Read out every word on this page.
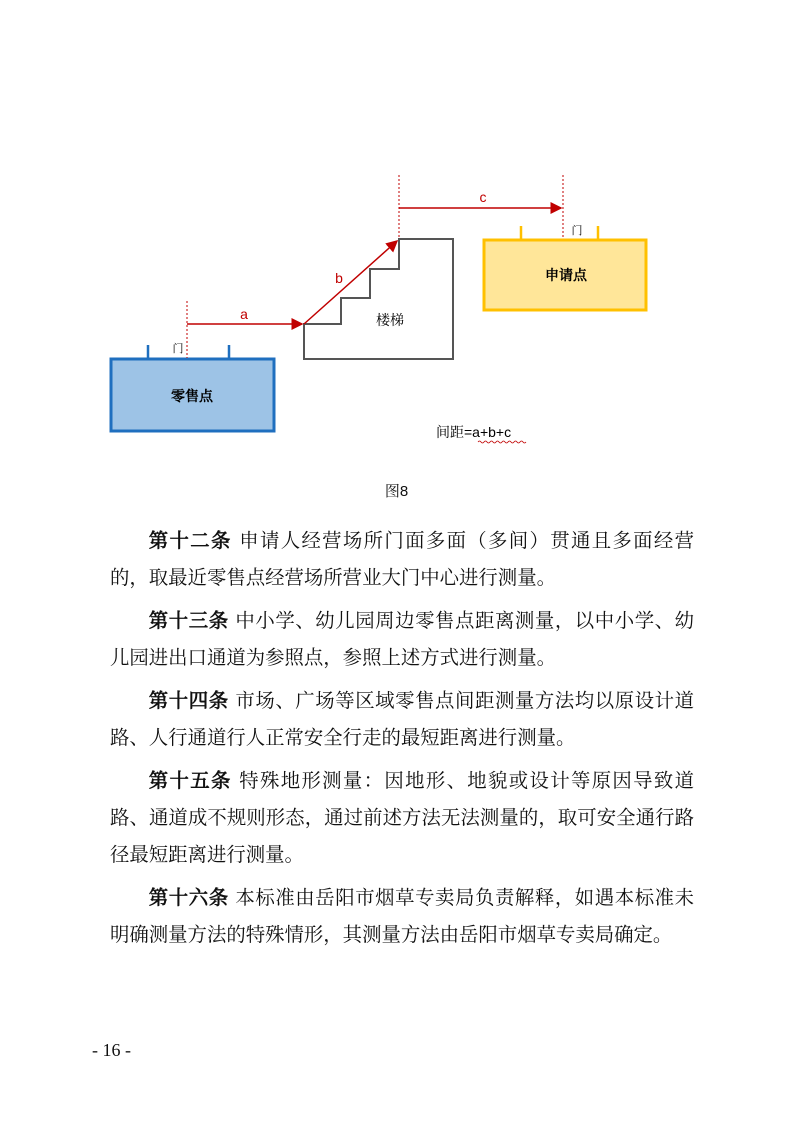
零售点
门
楼梯
a
b
c
门
申请点
间距=a+b+c
图8

第十二条 申请人经营场所门面多面（多间）贯通且多面经营的，取最近零售点经营场所营业大门中心进行测量。

第十三条 中小学、幼儿园周边零售点距离测量，以中小学、幼儿园进出口通道为参照点，参照上述方式进行测量。

第十四条 市场、广场等区域零售点间距测量方法均以原设计道路、人行通道行人正常安全行走的最短距离进行测量。

第十五条 特殊地形测量：因地形、地貌或设计等原因导致道路、通道成不规则形态，通过前述方法无法测量的，取可安全通行路径最短距离进行测量。

第十六条 本标准由岳阳市烟草专卖局负责解释，如遇本标准未明确测量方法的特殊情形，其测量方法由岳阳市烟草专卖局确定。

- 16 -
